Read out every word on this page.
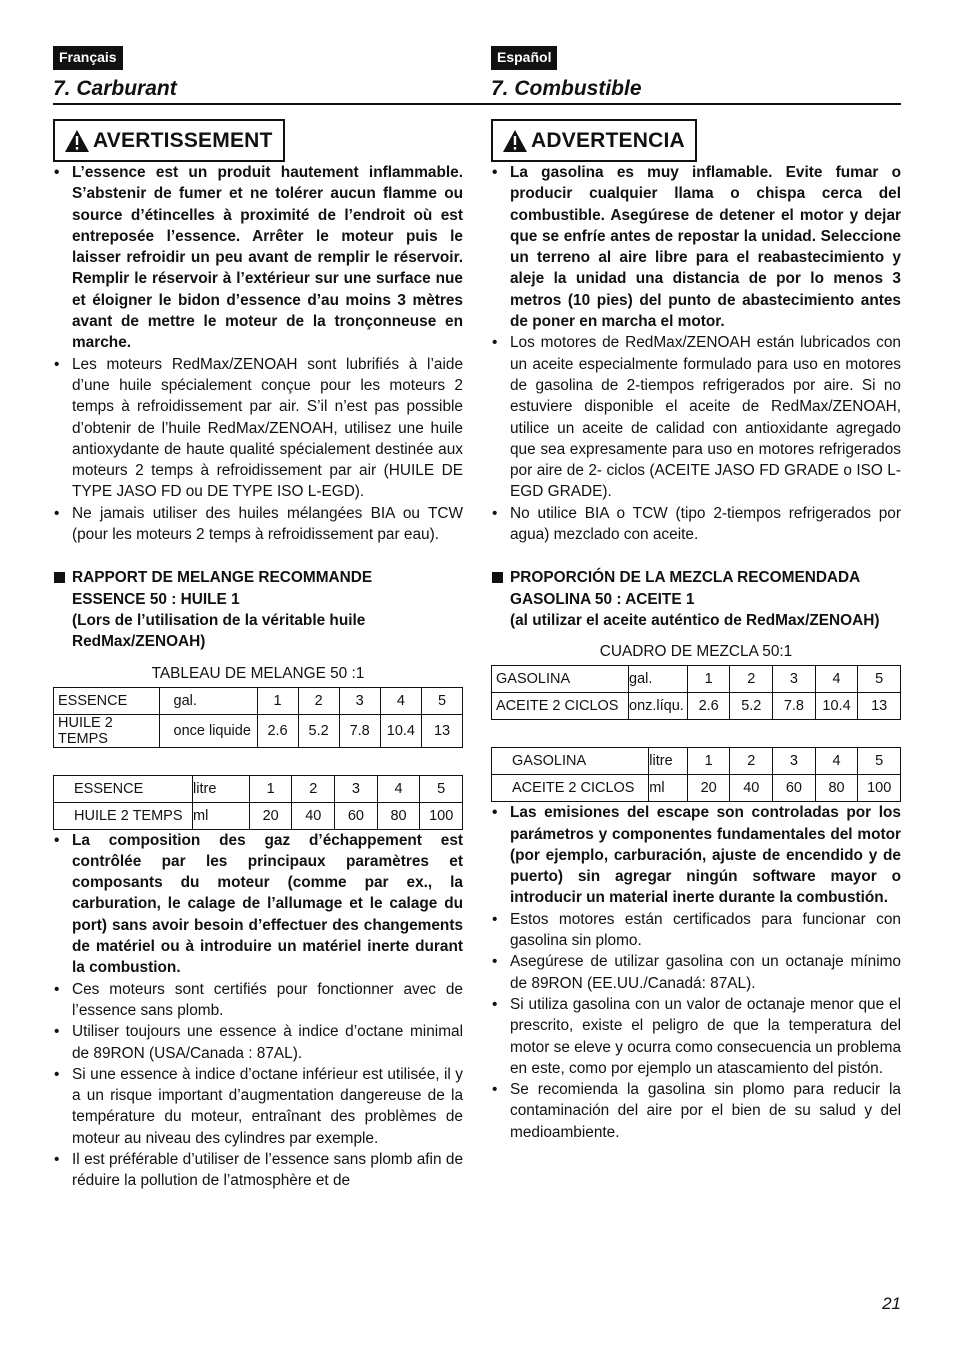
Français
7. Carburant
AVERTISSEMENT
• L’essence est un produit hautement inflammable. S’abstenir de fumer et ne tolérer aucun flamme ou source d’étincelles à proximité de l’endroit où est entreposée l’essence. Arrêter le moteur puis le laisser refroidir un peu avant de remplir le réservoir. Remplir le réservoir à l’extérieur sur une surface nue et éloigner le bidon d’essence d’au moins 3 mètres avant de mettre le moteur de la tronçonneuse en marche.
• Les moteurs RedMax/ZENOAH sont lubrifiés à l’aide d’une huile spécialement conçue pour les moteurs 2 temps à refroidissement par air. S’il n’est pas possible d’obtenir de l’huile RedMax/ZENOAH, utilisez une huile antioxydante de haute qualité spécialement destinée aux moteurs 2 temps à refroidissement par air (HUILE DE TYPE JASO FD ou DE TYPE ISO L-EGD).
• Ne jamais utiliser des huiles mélangées BIA ou TCW (pour les moteurs 2 temps à refroidissement par eau).
RAPPORT DE MELANGE RECOMMANDE
ESSENCE 50 : HUILE 1
(Lors de l’utilisation de la véritable huile RedMax/ZENOAH)
TABLEAU DE MELANGE 50 :1
ESSENCE	gal.	1	2	3	4	5
HUILE 2 TEMPS	once liquide	2.6	5.2	7.8	10.4	13
ESSENCE	litre	1	2	3	4	5
HUILE 2 TEMPS	ml	20	40	60	80	100
• La composition des gaz d’échappement est contrôlée par les principaux paramètres et composants du moteur (comme par ex., la carburation, le calage de l’allumage et le calage du port) sans avoir besoin d’effectuer des changements de matériel ou à introduire un matériel inerte durant la combustion.
• Ces moteurs sont certifiés pour fonctionner avec de l’essence sans plomb.
• Utiliser toujours une essence à indice d’octane minimal de 89RON (USA/Canada : 87AL).
• Si une essence à indice d’octane inférieur est utilisée, il y a un risque important d’augmentation dangereuse de la température du moteur, entraînant des problèmes de moteur au niveau des cylindres par exemple.
• Il est préférable d’utiliser de l’essence sans plomb afin de réduire la pollution de l’atmosphère et de
Español
7. Combustible
ADVERTENCIA
• La gasolina es muy inflamable. Evite fumar o producir cualquier llama o chispa cerca del combustible. Asegúrese de detener el motor y dejar que se enfríe antes de repostar la unidad. Seleccione un terreno al aire libre para el reabastecimiento y aleje la unidad una distancia de por lo menos 3 metros (10 pies) del punto de abastecimiento antes de poner en marcha el motor.
• Los motores de RedMax/ZENOAH están lubricados con un aceite especialmente formulado para uso en motores de gasolina de 2-tiempos refrigerados por aire. Si no estuviere disponible el aceite de RedMax/ZENOAH, utilice un aceite de calidad con antioxidante agregado que sea expresamente para uso en motores refrigerados por aire de 2- ciclos (ACEITE JASO FD GRADE o ISO L-EGD GRADE).
• No utilice BIA o TCW (tipo 2-tiempos refrigerados por agua) mezclado con aceite.
PROPORCIÓN DE LA MEZCLA RECOMENDADA
GASOLINA 50 : ACEITE 1
(al utilizar el aceite auténtico de RedMax/ZENOAH)
CUADRO DE MEZCLA 50:1
GASOLINA	gal.	1	2	3	4	5
ACEITE 2 CICLOS	onz.líqu.	2.6	5.2	7.8	10.4	13
GASOLINA	litre	1	2	3	4	5
ACEITE 2 CICLOS	ml	20	40	60	80	100
• Las emisiones del escape son controladas por los parámetros y componentes fundamentales del motor (por ejemplo, carburación, ajuste de encendido y de puerto) sin agregar ningún software mayor o introducir un material inerte durante la combustión.
• Estos motores están certificados para funcionar con gasolina sin plomo.
• Asegúrese de utilizar gasolina con un octanaje mínimo de 89RON (EE.UU./Canadá: 87AL).
• Si utiliza gasolina con un valor de octanaje menor que el prescrito, existe el peligro de que la temperatura del motor se eleve y ocurra como consecuencia un problema en este, como por ejemplo un atascamiento del pistón.
• Se recomienda la gasolina sin plomo para reducir la contaminación del aire por el bien de su salud y del medioambiente.
21
